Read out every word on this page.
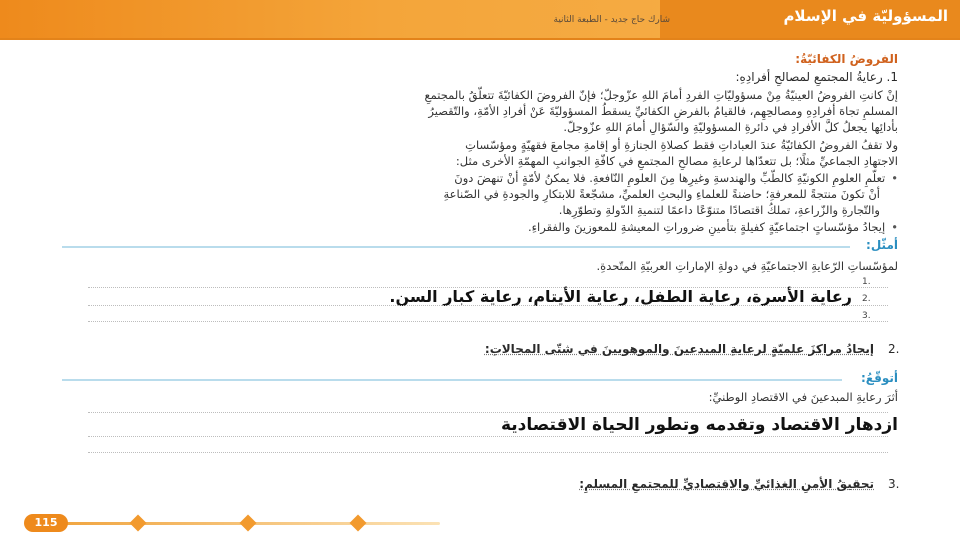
المسؤوليّة في الإسلام
شارك حاج جديد - الطبعة الثانية
الفروضُ الكفائيّةُ:
1. رعايةُ المجتمعِ لمصالحِ أفرادِهِ:
إنْ كانتِ الفروضُ العينيّةُ مِنْ مسؤوليّاتِ الفردِ أمامَ اللهِ عزّوجلّ؛ فإنّ الفروضَ الكفائيّةَ تتعلّقُ بالمجتمعِ
المسلمِ تجاهَ أفرادِهِ ومصالحِهِم، فالقيامُ بالفرضِ الكفائيِّ يسقطُ المسؤوليّةَ عَنْ أفرادِ الأمّةِ، والتّقصيرُ
بأدائِها يجعلُ كلَّ الأفرادِ في دائرةِ المسؤوليّةِ والسّؤالِ أمامَ اللهِ عزّوجلّ.
ولا تقفُ الفروضُ الكفائيّةُ عندَ العباداتِ فقط كصلاةِ الجنازةِ أو إقامةِ مجامعَ فقهيّةٍ ومؤسّساتِ
الاجتهادِ الجماعيِّ مثلًا؛ بل تتعدّاها لرعايةِ مصالحِ المجتمعِ في كافّةِ الجوانبِ المهمّةِ الأخرى مثل:
• تعلّمِ العلومِ الكونيّةِ كالطّبِّ والهندسةِ وغيرِها مِنَ العلومِ النّافعةِ. فلا يمكنُ لأمّةٍ أنْ تنهضَ دونَ
أنْ تكونَ منتجةً للمعرفةِ؛ حاضنةً للعلماءِ والبحثِ العلميِّ، مشجّعةً للابتكارِ والجودةِ في الصّناعةِ
والتّجارةِ والزّراعةِ، تملكُ اقتصادًا متنوّعًا داعمًا لتنميةِ الدّولةِ وتطوّرِها.
• إيجادُ مؤسّساتٍ اجتماعيّةٍ كفيلةٍ بتأمينِ ضروراتِ المعيشةِ للمعوزينَ والفقراءِ.
أمثّل:
لمؤسّساتِ الرّعايةِ الاجتماعيّةِ في دولةِ الإماراتِ العربيّةِ المتّحدةِ.
1.
2.
رعاية الأسرة، رعاية الطفل، رعاية الأيتام، رعاية كبار السن.
3.
2.
إيجادُ مراكزَ علميّةٍ لرعايةِ المبدعينَ والموهوبينَ في شتّى المجالاتِ:
أتوقّعُ:
أثرَ رعايةِ المبدعينَ في الاقتصادِ الوطنيِّ:
ازدهار الاقتصاد وتقدمه وتطور الحياة الاقتصادية
3.
تحقيقُ الأمنِ الغذائيِّ والاقتصاديِّ للمجتمعِ المسلمِ:
115
